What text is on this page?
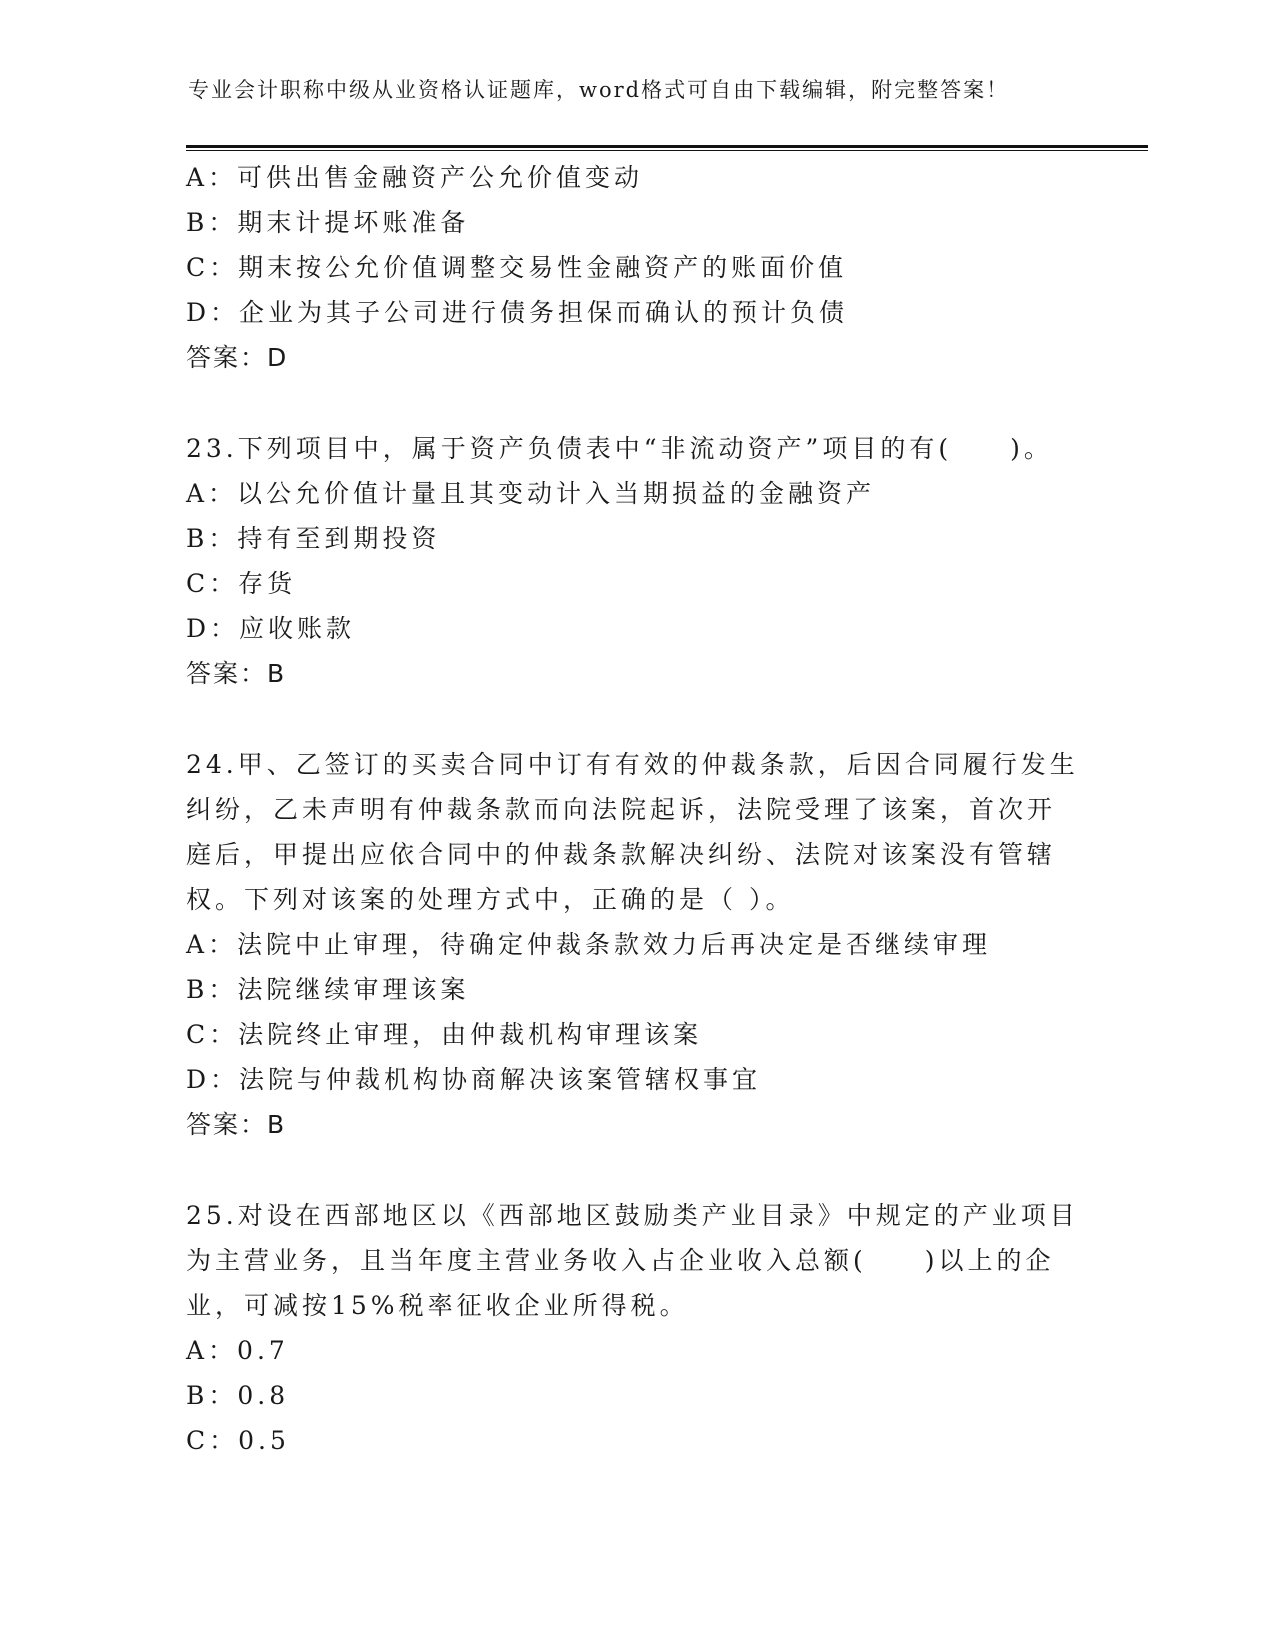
专业会计职称中级从业资格认证题库，word格式可自由下载编辑，附完整答案！
A：可供出售金融资产公允价值变动
B：期末计提坏账准备
C：期末按公允价值调整交易性金融资产的账面价值
D：企业为其子公司进行债务担保而确认的预计负债
答案：D
23.下列项目中，属于资产负债表中“非流动资产”项目的有(　　)。
A：以公允价值计量且其变动计入当期损益的金融资产
B：持有至到期投资
C：存货
D：应收账款
答案：B
24.甲、乙签订的买卖合同中订有有效的仲裁条款，后因合同履行发生
纠纷，乙未声明有仲裁条款而向法院起诉，法院受理了该案，首次开
庭后，甲提出应依合同中的仲裁条款解决纠纷、法院对该案没有管辖
权。下列对该案的处理方式中，正确的是（ ）。
A：法院中止审理，待确定仲裁条款效力后再决定是否继续审理
B：法院继续审理该案
C：法院终止审理，由仲裁机构审理该案
D：法院与仲裁机构协商解决该案管辖权事宜
答案：B
25.对设在西部地区以《西部地区鼓励类产业目录》中规定的产业项目
为主营业务，且当年度主营业务收入占企业收入总额(　　)以上的企
业，可减按15%税率征收企业所得税。
A：0.7
B：0.8
C：0.5
